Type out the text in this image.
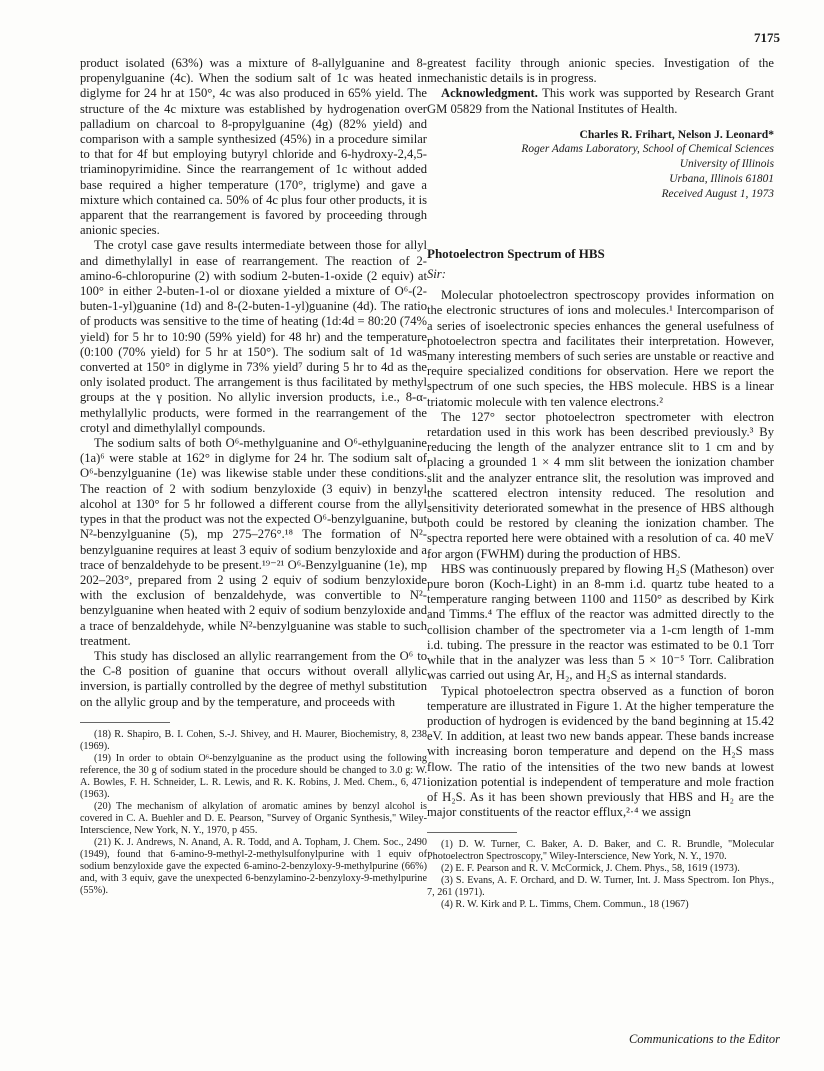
7175

product isolated (63%) was a mixture of 8-allylguanine and 8-propenylguanine (4c). When the sodium salt of 1c was heated in diglyme for 24 hr at 150°, 4c was also produced in 65% yield. The structure of the 4c mixture was established by hydrogenation over palladium on charcoal to 8-propylguanine (4g) (82% yield) and comparison with a sample synthesized (45%) in a procedure similar to that for 4f but employing butyryl chloride and 6-hydroxy-2,4,5-triaminopyrimidine. Since the rearrangement of 1c without added base required a higher temperature (170°, triglyme) and gave a mixture which contained ca. 50% of 4c plus four other products, it is apparent that the rearrangement is favored by proceeding through anionic species.

The crotyl case gave results intermediate between those for allyl and dimethylallyl in ease of rearrangement. The reaction of 2-amino-6-chloropurine (2) with sodium 2-buten-1-oxide (2 equiv) at 100° in either 2-buten-1-ol or dioxane yielded a mixture of O⁶-(2-buten-1-yl)guanine (1d) and 8-(2-buten-1-yl)guanine (4d). The ratio of products was sensitive to the time of heating (1d:4d = 80:20 (74% yield) for 5 hr to 10:90 (59% yield) for 48 hr) and the temperature (0:100 (70% yield) for 5 hr at 150°). The sodium salt of 1d was converted at 150° in diglyme in 73% yield⁷ during 5 hr to 4d as the only isolated product. The arrangement is thus facilitated by methyl groups at the γ position. No allylic inversion products, i.e., 8-α-methylallylic products, were formed in the rearrangement of the crotyl and dimethylallyl compounds.

The sodium salts of both O⁶-methylguanine and O⁶-ethylguanine (1a)⁶ were stable at 162° in diglyme for 24 hr. The sodium salt of O⁶-benzylguanine (1e) was likewise stable under these conditions. The reaction of 2 with sodium benzyloxide (3 equiv) in benzyl alcohol at 130° for 5 hr followed a different course from the allyl types in that the product was not the expected O⁶-benzylguanine, but N²-benzylguanine (5), mp 275–276°.¹⁸ The formation of N²-benzylguanine requires at least 3 equiv of sodium benzyloxide and a trace of benzaldehyde to be present.¹⁹⁻²¹ O⁶-Benzylguanine (1e), mp 202–203°, prepared from 2 using 2 equiv of sodium benzyloxide with the exclusion of benzaldehyde, was convertible to N²-benzylguanine when heated with 2 equiv of sodium benzyloxide and a trace of benzaldehyde, while N²-benzylguanine was stable to such treatment.

This study has disclosed an allylic rearrangement from the O⁶ to the C-8 position of guanine that occurs without overall allylic inversion, is partially controlled by the degree of methyl substitution on the allylic group and by the temperature, and proceeds with

(18) R. Shapiro, B. I. Cohen, S.-J. Shivey, and H. Maurer, Biochemistry, 8, 238 (1969).
(19) In order to obtain O⁶-benzylguanine as the product using the following reference, the 30 g of sodium stated in the procedure should be changed to 3.0 g: W. A. Bowles, F. H. Schneider, L. R. Lewis, and R. K. Robins, J. Med. Chem., 6, 471 (1963).
(20) The mechanism of alkylation of aromatic amines by benzyl alcohol is covered in C. A. Buehler and D. E. Pearson, "Survey of Organic Synthesis," Wiley-Interscience, New York, N. Y., 1970, p 455.
(21) K. J. Andrews, N. Anand, A. R. Todd, and A. Topham, J. Chem. Soc., 2490 (1949), found that 6-amino-9-methyl-2-methylsulfonylpurine with 1 equiv of sodium benzyloxide gave the expected 6-amino-2-benzyloxy-9-methylpurine (66%) and, with 3 equiv, gave the unexpected 6-benzylamino-2-benzyloxy-9-methylpurine (55%).

greatest facility through anionic species. Investigation of the mechanistic details is in progress.

Acknowledgment. This work was supported by Research Grant GM 05829 from the National Institutes of Health.

Charles R. Frihart, Nelson J. Leonard*
Roger Adams Laboratory, School of Chemical Sciences
University of Illinois
Urbana, Illinois 61801
Received August 1, 1973
Photoelectron Spectrum of HBS
Sir:

Molecular photoelectron spectroscopy provides information on the electronic structures of ions and molecules.¹ Intercomparison of a series of isoelectronic species enhances the general usefulness of photoelectron spectra and facilitates their interpretation. However, many interesting members of such series are unstable or reactive and require specialized conditions for observation. Here we report the spectrum of one such species, the HBS molecule. HBS is a linear triatomic molecule with ten valence electrons.²

The 127° sector photoelectron spectrometer with electron retardation used in this work has been described previously.³ By reducing the length of the analyzer entrance slit to 1 cm and by placing a grounded 1 × 4 mm slit between the ionization chamber slit and the analyzer entrance slit, the resolution was improved and the scattered electron intensity reduced. The resolution and sensitivity deteriorated somewhat in the presence of HBS although both could be restored by cleaning the ionization chamber. The spectra reported here were obtained with a resolution of ca. 40 meV for argon (FWHM) during the production of HBS.

HBS was continuously prepared by flowing H₂S (Matheson) over pure boron (Koch-Light) in an 8-mm i.d. quartz tube heated to a temperature ranging between 1100 and 1150° as described by Kirk and Timms.⁴ The efflux of the reactor was admitted directly to the collision chamber of the spectrometer via a 1-cm length of 1-mm i.d. tubing. The pressure in the reactor was estimated to be 0.1 Torr while that in the analyzer was less than 5 × 10⁻⁵ Torr. Calibration was carried out using Ar, H₂, and H₂S as internal standards.

Typical photoelectron spectra observed as a function of boron temperature are illustrated in Figure 1. At the higher temperature the production of hydrogen is evidenced by the band beginning at 15.42 eV. In addition, at least two new bands appear. These bands increase with increasing boron temperature and depend on the H₂S mass flow. The ratio of the intensities of the two new bands at lowest ionization potential is independent of temperature and mole fraction of H₂S. As it has been shown previously that HBS and H₂ are the major constituents of the reactor efflux,²·⁴ we assign

(1) D. W. Turner, C. Baker, A. D. Baker, and C. R. Brundle, "Molecular Photoelectron Spectroscopy," Wiley-Interscience, New York, N. Y., 1970.
(2) E. F. Pearson and R. V. McCormick, J. Chem. Phys., 58, 1619 (1973).
(3) S. Evans, A. F. Orchard, and D. W. Turner, Int. J. Mass Spectrom. Ion Phys., 7, 261 (1971).
(4) R. W. Kirk and P. L. Timms, Chem. Commun., 18 (1967)
Communications to the Editor
